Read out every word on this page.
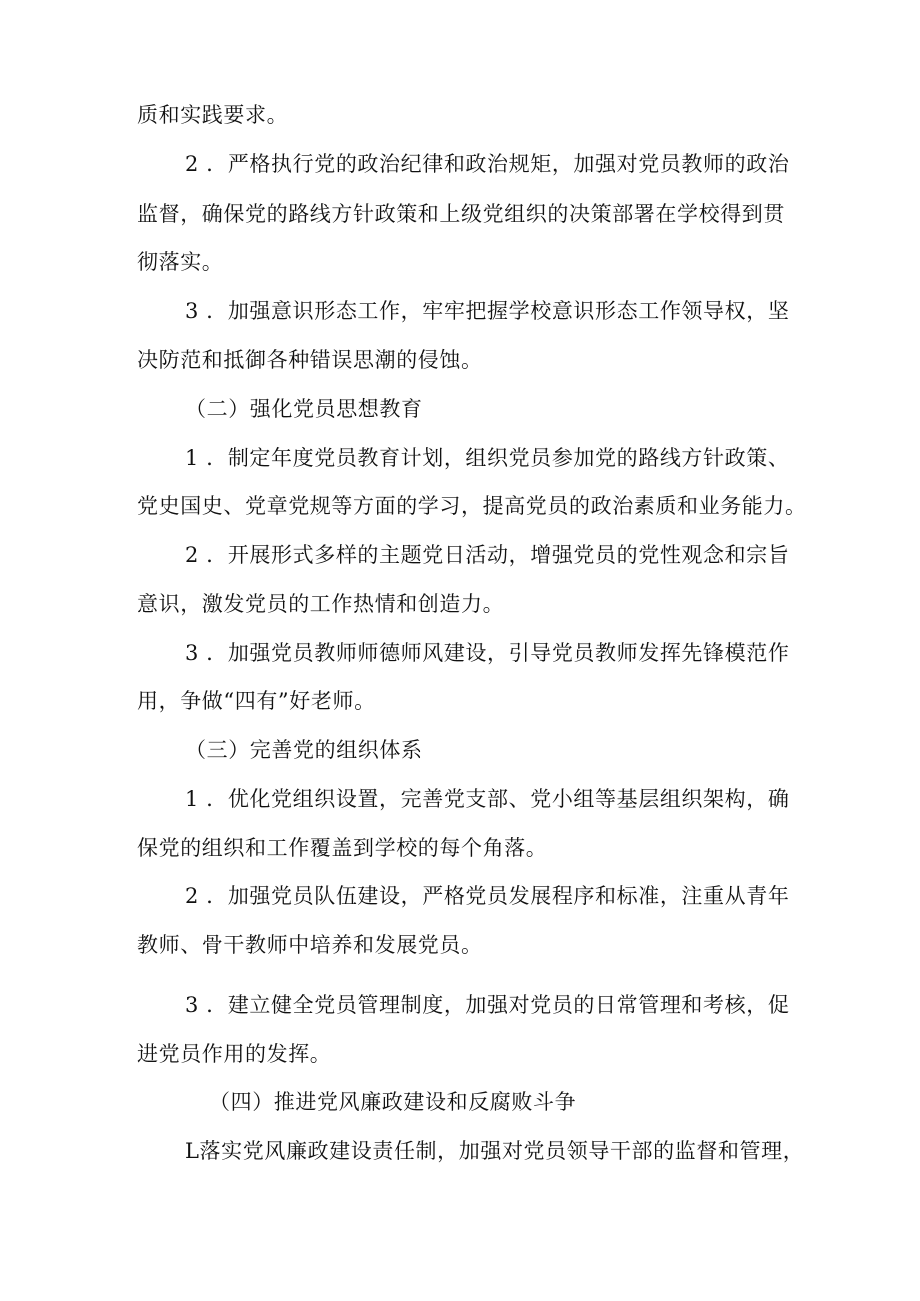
质和实践要求。
2 ．严格执行党的政治纪律和政治规矩，加强对党员教师的政治
监督，确保党的路线方针政策和上级党组织的决策部署在学校得到贯
彻落实。
3 ．加强意识形态工作，牢牢把握学校意识形态工作领导权，坚
决防范和抵御各种错误思潮的侵蚀。
（二）强化党员思想教育
1 ．制定年度党员教育计划，组织党员参加党的路线方针政策、
党史国史、党章党规等方面的学习，提高党员的政治素质和业务能力。
2 ．开展形式多样的主题党日活动，增强党员的党性观念和宗旨
意识，激发党员的工作热情和创造力。
3 ．加强党员教师师德师风建设，引导党员教师发挥先锋模范作
用，争做“四有”好老师。
（三）完善党的组织体系
1 ．优化党组织设置，完善党支部、党小组等基层组织架构，确
保党的组织和工作覆盖到学校的每个角落。
2 ．加强党员队伍建设，严格党员发展程序和标准，注重从青年
教师、骨干教师中培养和发展党员。
3 ．建立健全党员管理制度，加强对党员的日常管理和考核，促
进党员作用的发挥。
（四）推进党风廉政建设和反腐败斗争
L落实党风廉政建设责任制，加强对党员领导干部的监督和管理，
